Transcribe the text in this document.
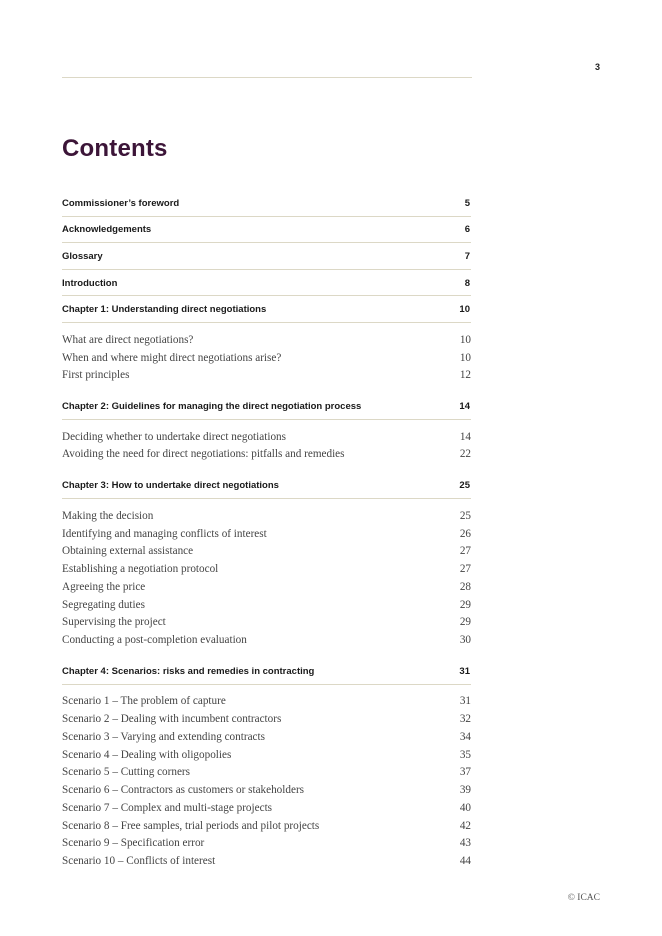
3
Contents
Commissioner’s foreword	5
Acknowledgements	6
Glossary	7
Introduction	8
Chapter 1: Understanding direct negotiations	10
What are direct negotiations?	10
When and where might direct negotiations arise?	10
First principles	12
Chapter 2: Guidelines for managing the direct negotiation process	14
Deciding whether to undertake direct negotiations	14
Avoiding the need for direct negotiations: pitfalls and remedies	22
Chapter 3: How to undertake direct negotiations	25
Making the decision	25
Identifying and managing conflicts of interest	26
Obtaining external assistance	27
Establishing a negotiation protocol	27
Agreeing the price	28
Segregating duties	29
Supervising the project	29
Conducting a post-completion evaluation	30
Chapter 4: Scenarios: risks and remedies in contracting	31
Scenario 1 – The problem of capture	31
Scenario 2 – Dealing with incumbent contractors	32
Scenario 3 – Varying and extending contracts	34
Scenario 4 – Dealing with oligopolies	35
Scenario 5 – Cutting corners	37
Scenario 6 – Contractors as customers or stakeholders	39
Scenario 7 – Complex and multi-stage projects	40
Scenario 8 – Free samples, trial periods and pilot projects	42
Scenario 9 – Specification error	43
Scenario 10 – Conflicts of interest	44
© ICAC
